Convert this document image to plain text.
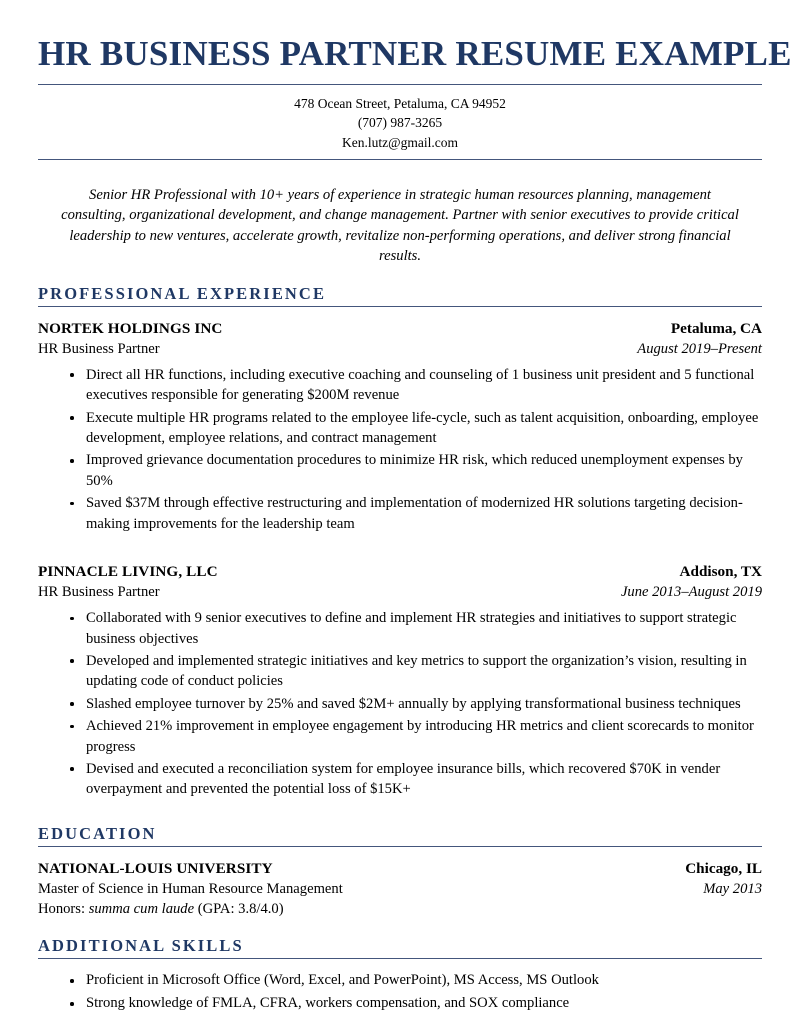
HR BUSINESS PARTNER RESUME EXAMPLE
478 Ocean Street, Petaluma, CA 94952
(707) 987-3265
Ken.lutz@gmail.com

Senior HR Professional with 10+ years of experience in strategic human resources planning, management consulting, organizational development, and change management. Partner with senior executives to provide critical leadership to new ventures, accelerate growth, revitalize non-performing operations, and deliver strong financial results.

PROFESSIONAL EXPERIENCE
NORTEK HOLDINGS INC	Petaluma, CA
HR Business Partner	August 2019–Present
Direct all HR functions, including executive coaching and counseling of 1 business unit president and 5 functional executives responsible for generating $200M revenue
Execute multiple HR programs related to the employee life-cycle, such as talent acquisition, onboarding, employee development, employee relations, and contract management
Improved grievance documentation procedures to minimize HR risk, which reduced unemployment expenses by 50%
Saved $37M through effective restructuring and implementation of modernized HR solutions targeting decision-making improvements for the leadership team
PINNACLE LIVING, LLC	Addison, TX
HR Business Partner	June 2013–August 2019
Collaborated with 9 senior executives to define and implement HR strategies and initiatives to support strategic business objectives
Developed and implemented strategic initiatives and key metrics to support the organization’s vision, resulting in updating code of conduct policies
Slashed employee turnover by 25% and saved $2M+ annually by applying transformational business techniques
Achieved 21% improvement in employee engagement by introducing HR metrics and client scorecards to monitor progress
Devised and executed a reconciliation system for employee insurance bills, which recovered $70K in vender overpayment and prevented the potential loss of $15K+
EDUCATION
NATIONAL-LOUIS UNIVERSITY	Chicago, IL
Master of Science in Human Resource Management	May 2013
Honors: summa cum laude (GPA: 3.8/4.0)
ADDITIONAL SKILLS
Proficient in Microsoft Office (Word, Excel, and PowerPoint), MS Access, MS Outlook
Strong knowledge of FMLA, CFRA, workers compensation, and SOX compliance
